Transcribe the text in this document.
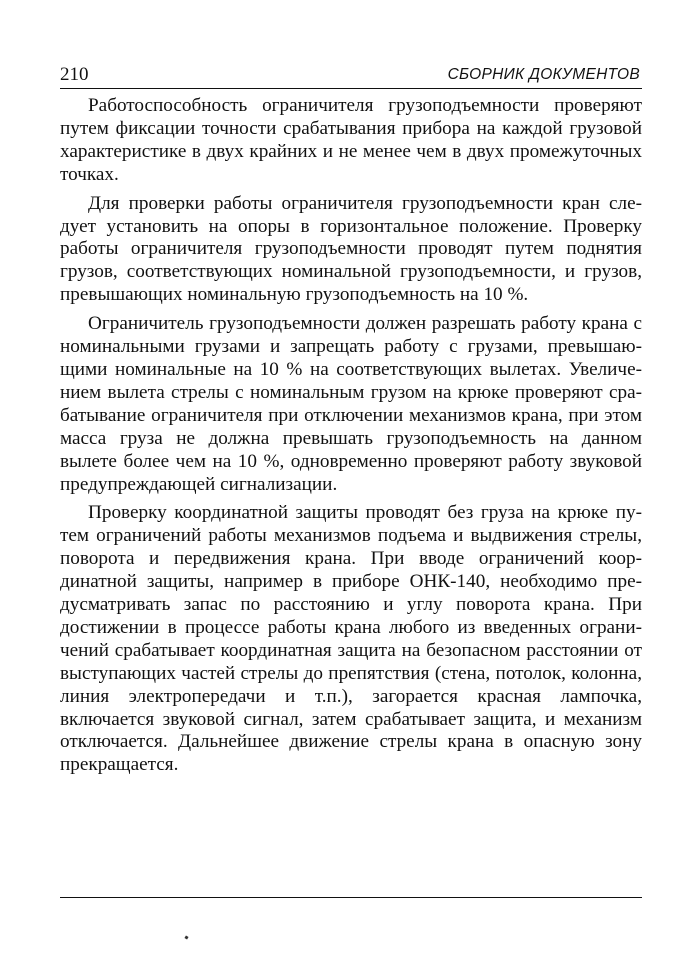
210	СБОРНИК ДОКУМЕНТОВ

Работоспособность ограничителя грузоподъемности проверяют путем фиксации точности срабатывания прибора на каждой грузовой характеристике в двух крайних и не менее чем в двух промежуточных точках.

Для проверки работы ограничителя грузоподъемности кран следует установить на опоры в горизонтальное положение. Проверку работы ограничителя грузоподъемности проводят путем поднятия грузов, соответствующих номинальной грузоподъемности, и грузов, превышающих номинальную грузоподъемность на 10 %.

Ограничитель грузоподъемности должен разрешать работу крана с номинальными грузами и запрещать работу с грузами, превышающими номинальные на 10 % на соответствующих вылетах. Увеличением вылета стрелы с номинальным грузом на крюке проверяют срабатывание ограничителя при отключении механизмов крана, при этом масса груза не должна превышать грузоподъемность на данном вылете более чем на 10 %, одновременно проверяют работу звуковой предупреждающей сигнализации.

Проверку координатной защиты проводят без груза на крюке путем ограничений работы механизмов подъема и выдвижения стрелы, поворота и передвижения крана. При вводе ограничений координатной защиты, например в приборе ОНК-140, необходимо предусматривать запас по расстоянию и углу поворота крана. При достижении в процессе работы крана любого из введенных ограничений срабатывает координатная защита на безопасном расстоянии от выступающих частей стрелы до препятствия (стена, потолок, колонна, линия электропередачи и т.п.), загорается красная лампочка, включается звуковой сигнал, затем срабатывает защита, и механизм отключается. Дальнейшее движение стрелы крана в опасную зону прекращается.
